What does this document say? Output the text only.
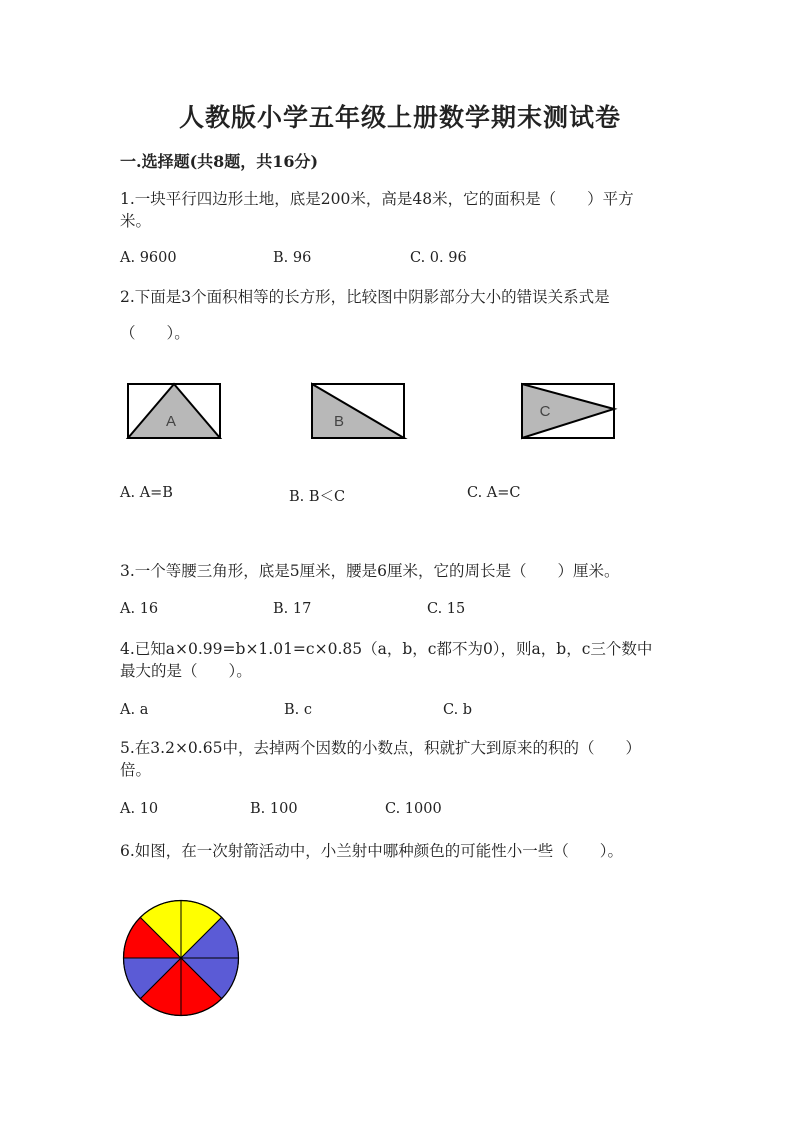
人教版小学五年级上册数学期末测试卷
一.选择题(共8题，共16分)
1.一块平行四边形土地，底是200米，高是48米，它的面积是（　　）平方
米。
A. 9600	B. 96	C. 0. 96
2.下面是3个面积相等的长方形，比较图中阴影部分大小的错误关系式是
（　　）。
A	B
C
A. A=B	B. B＜C	C. A=C
3.一个等腰三角形，底是5厘米，腰是6厘米，它的周长是（　　）厘米。
A. 16	B. 17	C. 15
4.已知a×0.99=b×1.01=c×0.85（a，b，c都不为0），则a，b，c三个数中
最大的是（　　）。
A. a	B. c	C. b
5.在3.2×0.65中，去掉两个因数的小数点，积就扩大到原来的积的（　　）
倍。
A. 10	B. 100	C. 1000
6.如图，在一次射箭活动中，小兰射中哪种颜色的可能性小一些（　　）。
